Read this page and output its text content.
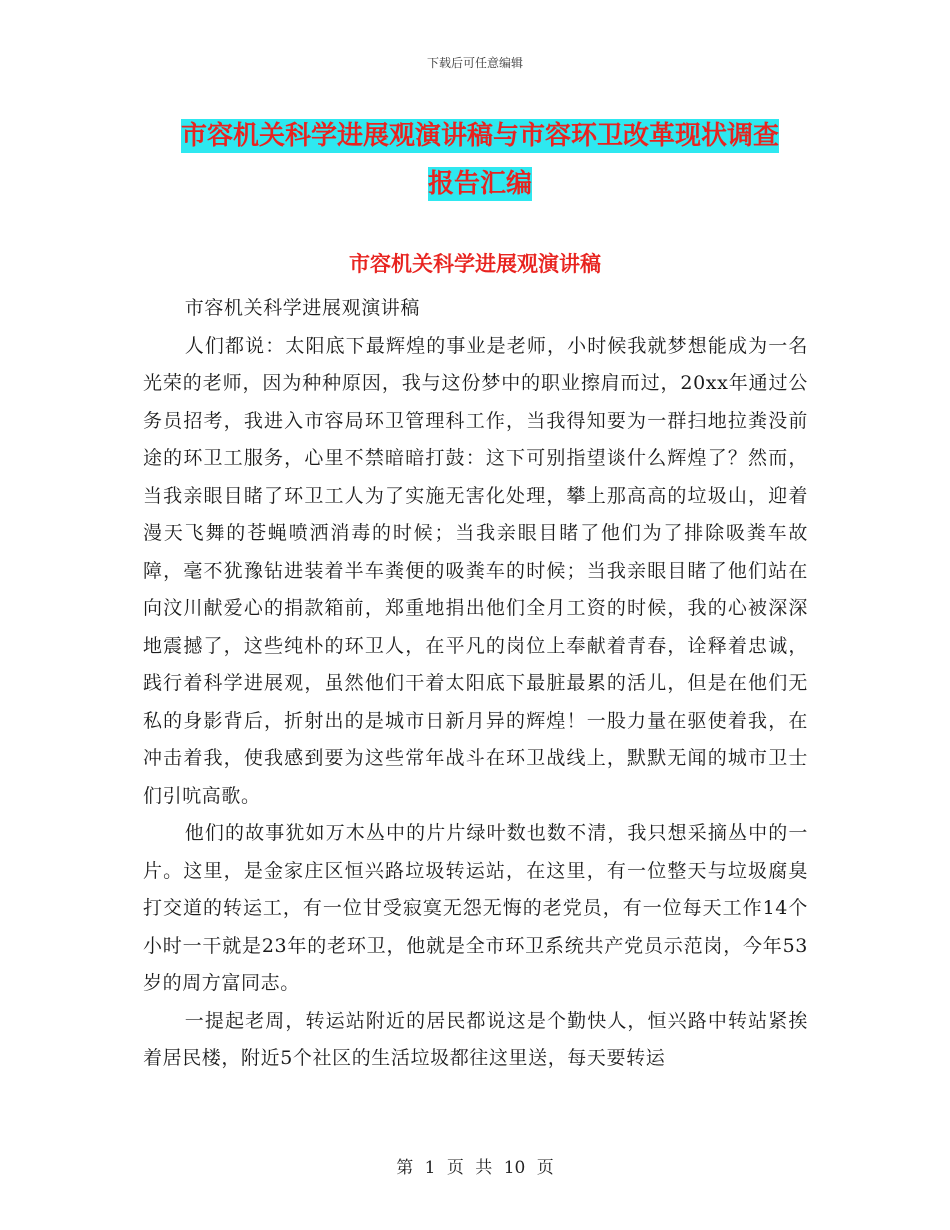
下载后可任意编辑
市容机关科学进展观演讲稿与市容环卫改革现状调查
报告汇编
市容机关科学进展观演讲稿

市容机关科学进展观演讲稿

人们都说：太阳底下最辉煌的事业是老师，小时候我就梦想能成为一名光荣的老师，因为种种原因，我与这份梦中的职业擦肩而过，20xx年通过公务员招考，我进入市容局环卫管理科工作，当我得知要为一群扫地拉粪没前途的环卫工服务，心里不禁暗暗打鼓：这下可别指望谈什么辉煌了？然而，当我亲眼目睹了环卫工人为了实施无害化处理，攀上那高高的垃圾山，迎着漫天飞舞的苍蝇喷洒消毒的时候；当我亲眼目睹了他们为了排除吸粪车故障，毫不犹豫钻进装着半车粪便的吸粪车的时候；当我亲眼目睹了他们站在向汶川献爱心的捐款箱前，郑重地捐出他们全月工资的时候，我的心被深深地震撼了，这些纯朴的环卫人，在平凡的岗位上奉献着青春，诠释着忠诚，践行着科学进展观，虽然他们干着太阳底下最脏最累的活儿，但是在他们无私的身影背后，折射出的是城市日新月异的辉煌！一股力量在驱使着我，在冲击着我，使我感到要为这些常年战斗在环卫战线上，默默无闻的城市卫士们引吭高歌。

他们的故事犹如万木丛中的片片绿叶数也数不清，我只想采摘丛中的一片。这里，是金家庄区恒兴路垃圾转运站，在这里，有一位整天与垃圾腐臭打交道的转运工，有一位甘受寂寞无怨无悔的老党员，有一位每天工作14个小时一干就是23年的老环卫，他就是全市环卫系统共产党员示范岗，今年53岁的周方富同志。

一提起老周，转运站附近的居民都说这是个勤快人，恒兴路中转站紧挨着居民楼，附近5个社区的生活垃圾都往这里送，每天要转运

第 1 页 共 10 页
